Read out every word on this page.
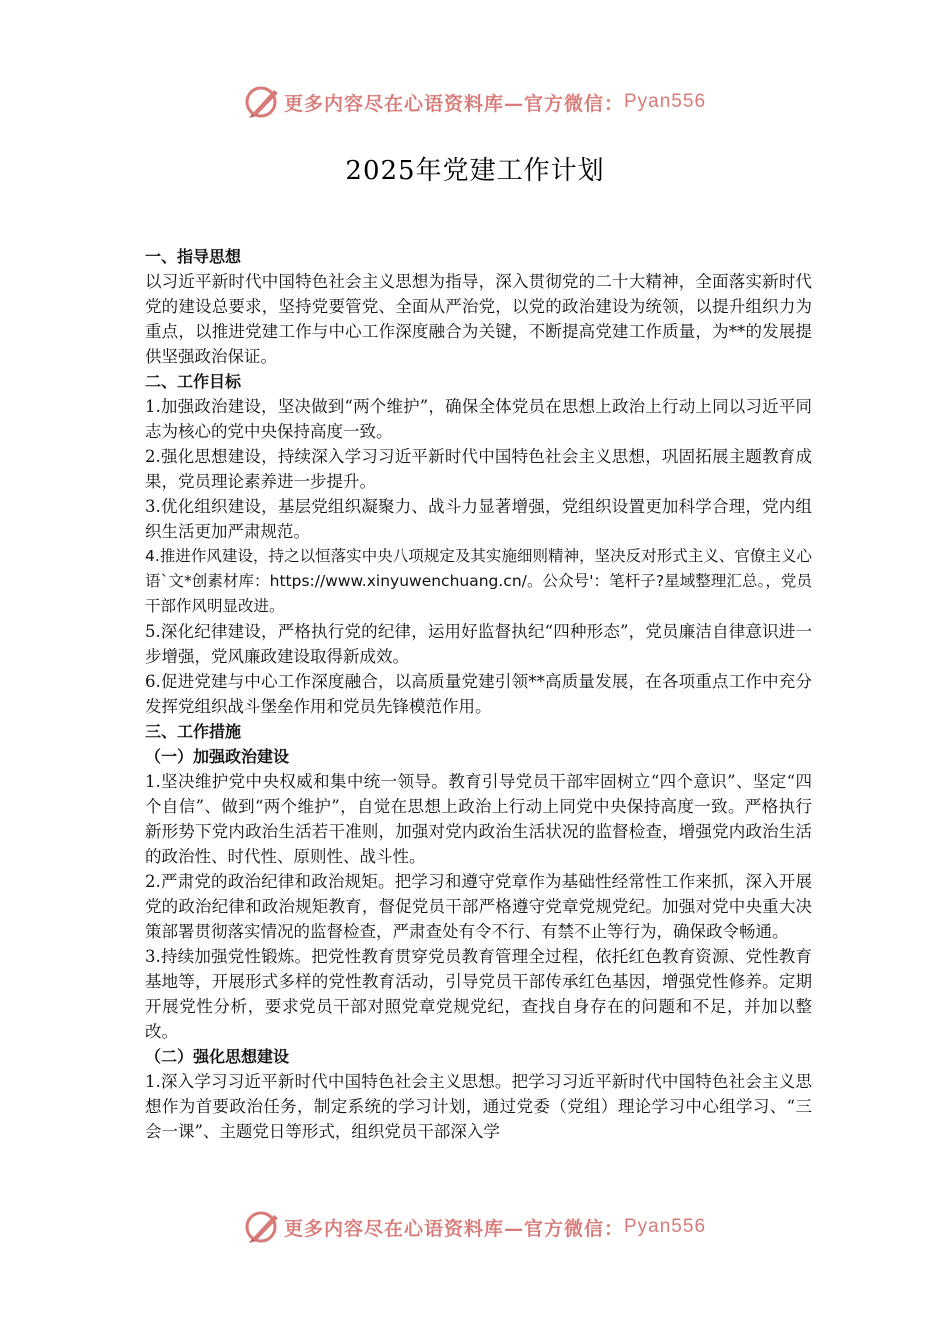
更多内容尽在心语资料库—官方微信： Pyan556
2025年党建工作计划

一、指导思想

以习近平新时代中国特色社会主义思想为指导，深入贯彻党的二十大精神，全面落实新时代党的建设总要求，坚持党要管党、全面从严治党，以党的政治建设为统领，以提升组织力为重点，以推进党建工作与中心工作深度融合为关键，不断提高党建工作质量，为**的发展提供坚强政治保证。

二、工作目标

1.加强政治建设，坚决做到“两个维护”，确保全体党员在思想上政治上行动上同以习近平同志为核心的党中央保持高度一致。

2.强化思想建设，持续深入学习习近平新时代中国特色社会主义思想，巩固拓展主题教育成果，党员理论素养进一步提升。

3.优化组织建设，基层党组织凝聚力、战斗力显著增强，党组织设置更加科学合理，党内组织生活更加严肃规范。

4.推进作风建设，持之以恒落实中央八项规定及其实施细则精神，坚决反对形式主义、官僚主义心语`文*创素材库：https://www.xinyuwenchuang.cn/。公众号'：笔杆子?星域整理汇总。，党员干部作风明显改进。

5.深化纪律建设，严格执行党的纪律，运用好监督执纪“四种形态”，党员廉洁自律意识进一步增强，党风廉政建设取得新成效。

6.促进党建与中心工作深度融合，以高质量党建引领**高质量发展，在各项重点工作中充分发挥党组织战斗堡垒作用和党员先锋模范作用。

三、工作措施

（一）加强政治建设

1.坚决维护党中央权威和集中统一领导。教育引导党员干部牢固树立“四个意识”、坚定“四个自信”、做到“两个维护”，自觉在思想上政治上行动上同党中央保持高度一致。严格执行新形势下党内政治生活若干准则，加强对党内政治生活状况的监督检查，增强党内政治生活的政治性、时代性、原则性、战斗性。

2.严肃党的政治纪律和政治规矩。把学习和遵守党章作为基础性经常性工作来抓，深入开展党的政治纪律和政治规矩教育，督促党员干部严格遵守党章党规党纪。加强对党中央重大决策部署贯彻落实情况的监督检查，严肃查处有令不行、有禁不止等行为，确保政令畅通。

3.持续加强党性锻炼。把党性教育贯穿党员教育管理全过程，依托红色教育资源、党性教育基地等，开展形式多样的党性教育活动，引导党员干部传承红色基因，增强党性修养。定期开展党性分析，要求党员干部对照党章党规党纪，查找自身存在的问题和不足，并加以整改。

（二）强化思想建设

1.深入学习习近平新时代中国特色社会主义思想。把学习习近平新时代中国特色社会主义思想作为首要政治任务，制定系统的学习计划，通过党委（党组）理论学习中心组学习、“三会一课”、主题党日等形式，组织党员干部深入学

更多内容尽在心语资料库—官方微信： Pyan556
